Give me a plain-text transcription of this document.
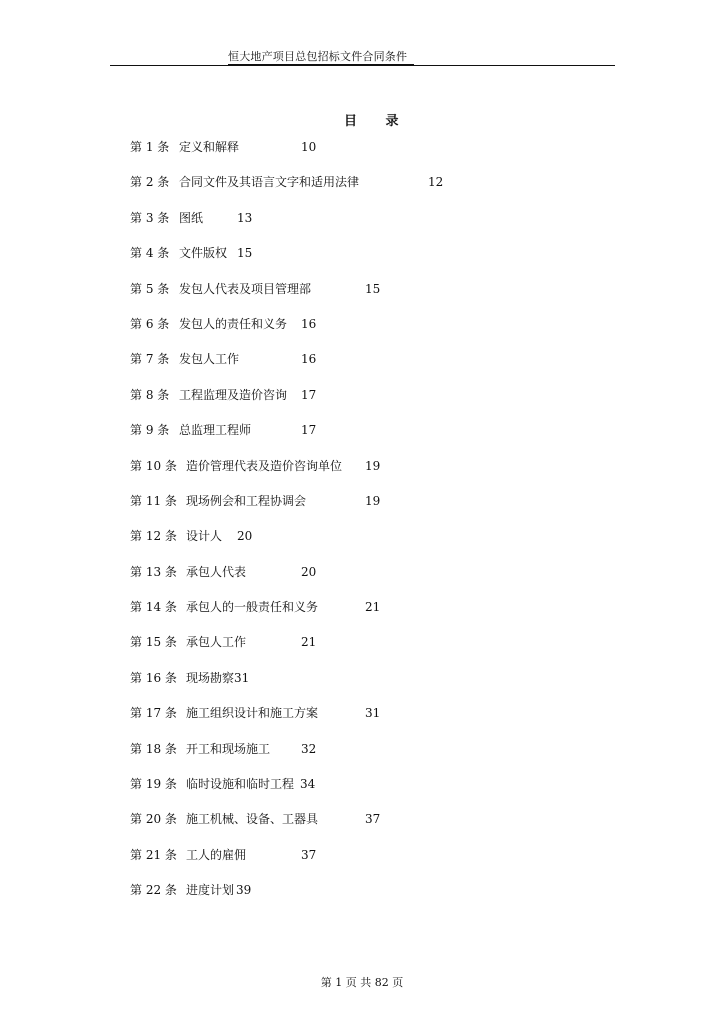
恒大地产项目总包招标文件合同条件
目 录
第 1 条 定义和解释	10
第 2 条 合同文件及其语言文字和适用法律	12
第 3 条 图纸	13
第 4 条 文件版权 15
第 5 条 发包人代表及项目管理部	15
第 6 条 发包人的责任和义务 16
第 7 条 发包人工作	16
第 8 条 工程监理及造价咨询 17
第 9 条 总监理工程师	17
第 10 条 造价管理代表及造价咨询单位 19
第 11 条 现场例会和工程协调会	19
第 12 条 设计人 20
第 13 条 承包人代表	20
第 14 条 承包人的一般责任和义务	21
第 15 条 承包人工作	21
第 16 条 现场勘察 31
第 17 条 施工组织设计和施工方案	31
第 18 条 开工和现场施工	32
第 19 条 临时设施和临时工程 34
第 20 条 施工机械、设备、工器具	37
第 21 条 工人的雇佣	37
第 22 条 进度计划 39
第 1 页 共 82 页
